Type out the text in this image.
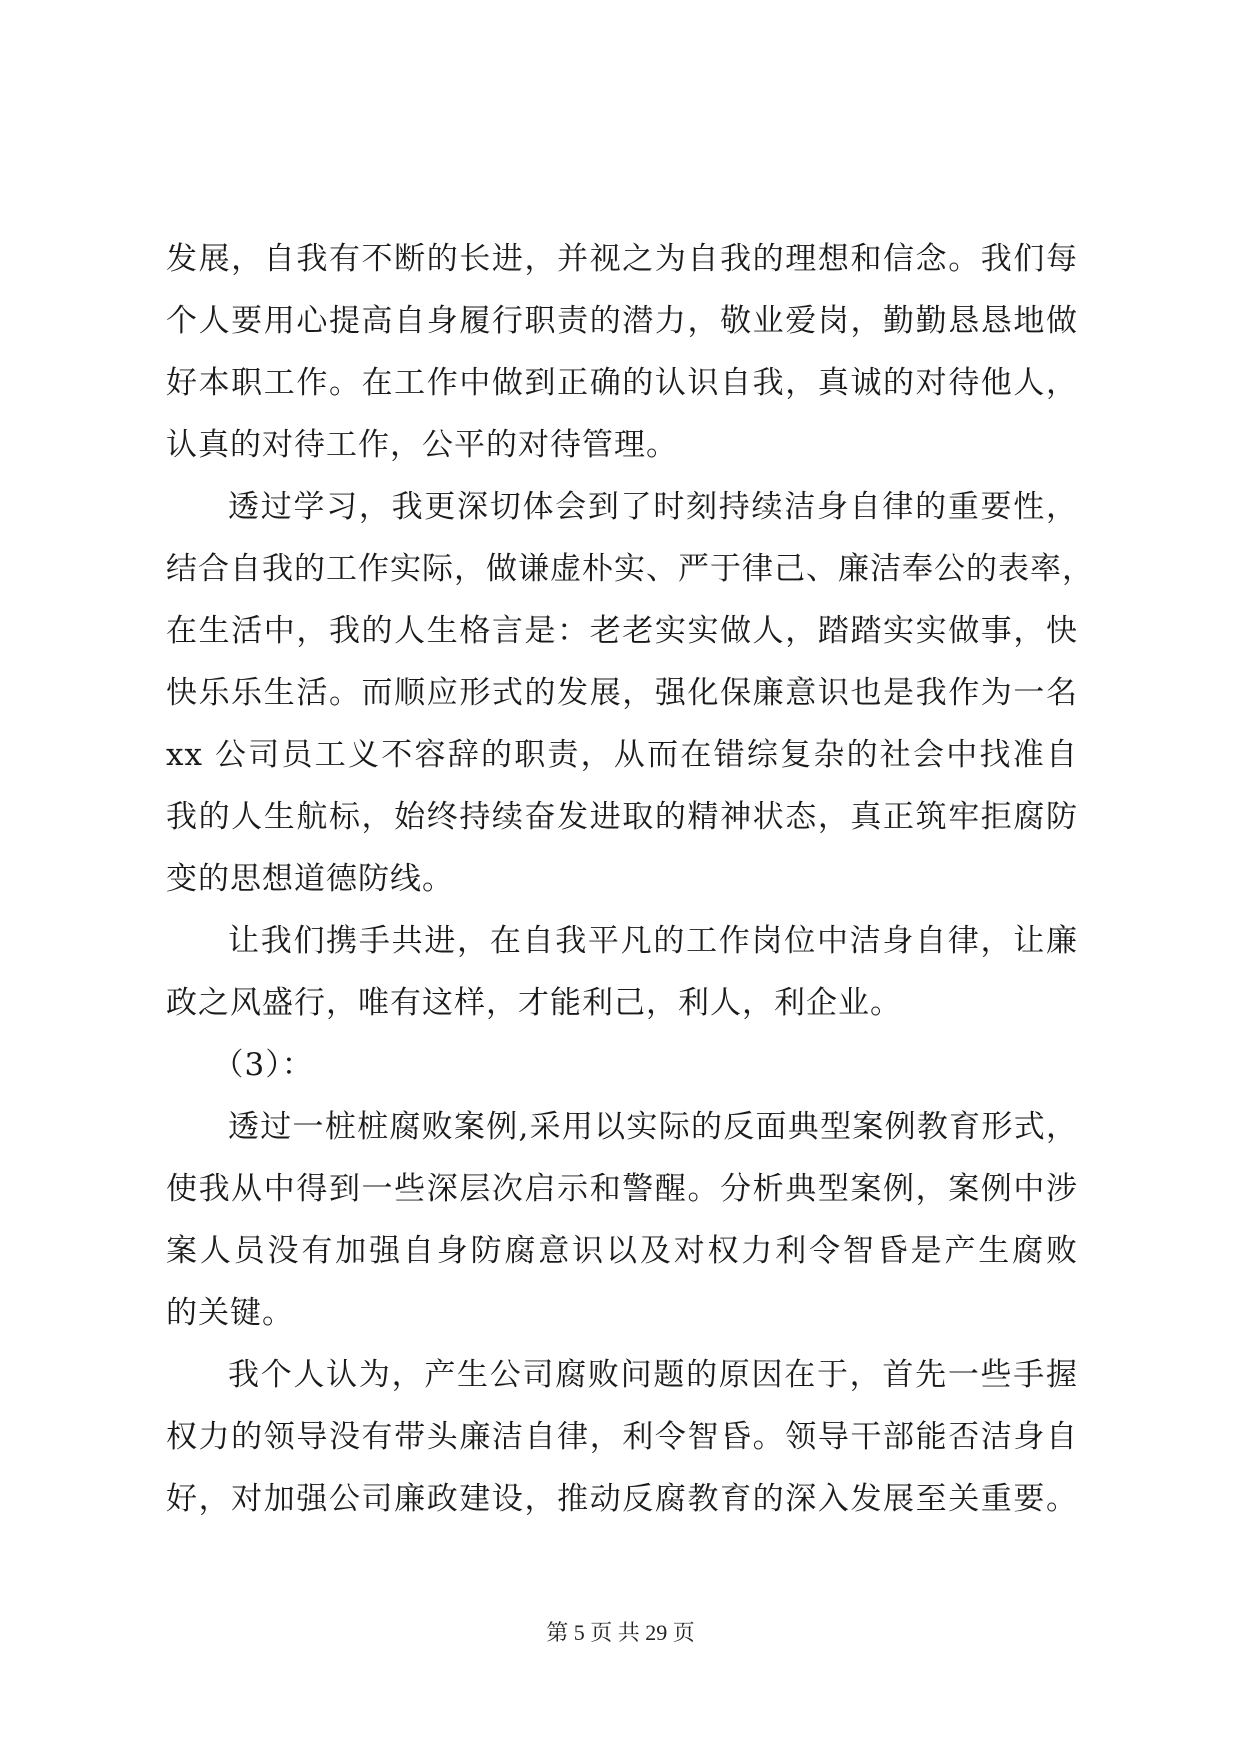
发展，自我有不断的长进，并视之为自我的理想和信念。我们每
个人要用心提高自身履行职责的潜力，敬业爱岗，勤勤恳恳地做
好本职工作。在工作中做到正确的认识自我，真诚的对待他人，
认真的对待工作，公平的对待管理。
透过学习，我更深切体会到了时刻持续洁身自律的重要性，
结合自我的工作实际，做谦虚朴实、严于律己、廉洁奉公的表率，
在生活中，我的人生格言是：老老实实做人，踏踏实实做事，快
快乐乐生活。而顺应形式的发展，强化保廉意识也是我作为一名
xx 公司员工义不容辞的职责，从而在错综复杂的社会中找准自
我的人生航标，始终持续奋发进取的精神状态，真正筑牢拒腐防
变的思想道德防线。
让我们携手共进，在自我平凡的工作岗位中洁身自律，让廉
政之风盛行，唯有这样，才能利己，利人，利企业。
（3）：
透过一桩桩腐败案例,采用以实际的反面典型案例教育形式，
使我从中得到一些深层次启示和警醒。分析典型案例，案例中涉
案人员没有加强自身防腐意识以及对权力利令智昏是产生腐败
的关键。
我个人认为，产生公司腐败问题的原因在于，首先一些手握
权力的领导没有带头廉洁自律，利令智昏。领导干部能否洁身自
好，对加强公司廉政建设，推动反腐教育的深入发展至关重要。
第 5 页 共 29 页
